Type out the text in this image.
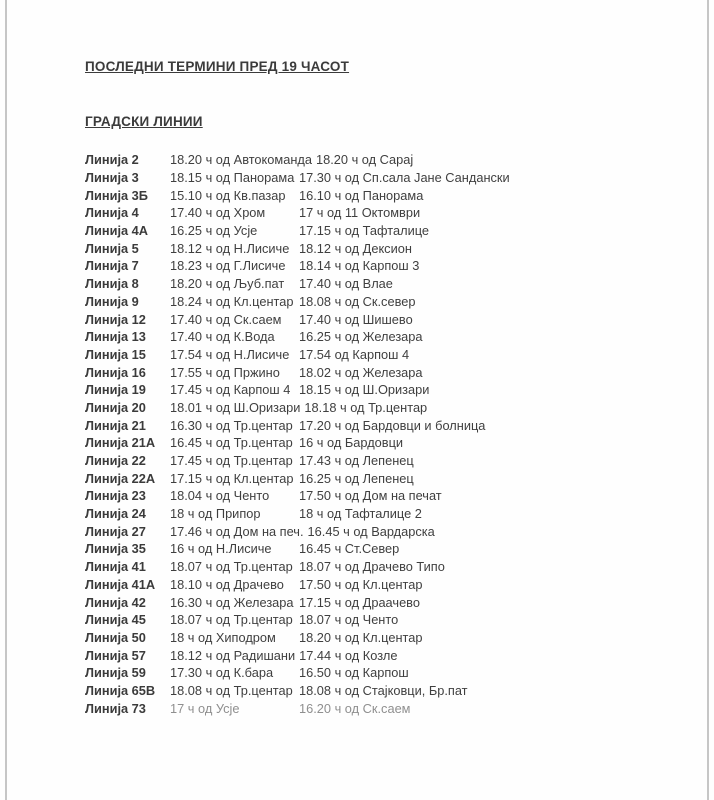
ПОСЛЕДНИ ТЕРМИНИ ПРЕД 19 ЧАСОТ
ГРАДСКИ ЛИНИИ
Линија 2	18.20 ч од Автокоманда 18.20 ч од Сарај
Линија 3	18.15 ч од Панорама 17.30 ч од Сп.сала Јане Сандански
Линија 3Б	15.10 ч од Кв.пазар	16.10 ч од Панорама
Линија 4	17.40 ч од Хром	17 ч од 11 Октомври
Линија 4А	16.25 ч од Усје	17.15 ч од Тафталице
Линија 5	18.12 ч од Н.Лисиче 18.12 ч од Дексион
Линија 7	18.23 ч од Г.Лисиче	18.14 ч од Карпош 3
Линија 8	18.20 ч од Љуб.пат	17.40 ч од Влае
Линија 9	18.24 ч од Кл.центар 18.08 ч од Ск.север
Линија 12	17.40 ч од Ск.саем	17.40 ч од Шишево
Линија 13	17.40 ч од К.Вода	16.25 ч од Железара
Линија 15	17.54 ч од Н.Лисиче 17.54 од Карпош 4
Линија 16	17.55 ч од Пржино	18.02 ч од Железара
Линија 19	17.45 ч од Карпош 4 18.15 ч од Ш.Оризари
Линија 20	18.01 ч од Ш.Оризари 18.18 ч од Тр.центар
Линија 21	16.30 ч од Тр.центар 17.20 ч од Бардовци и болница
Линија 21А	16.45 ч од Тр.центар 16 ч од Бардовци
Линија 22	17.45 ч од Тр.центар 17.43 ч од Лепенец
Линија 22А	17.15 ч од Кл.центар 16.25 ч од Лепенец
Линија 23	18.04 ч од Ченто	17.50 ч од Дом на печат
Линија 24	18 ч од Припор	18 ч од Тафталице 2
Линија 27	17.46 ч од Дом на печ. 16.45 ч од Вардарска
Линија 35	16 ч од Н.Лисиче	16.45 ч Ст.Север
Линија 41	18.07 ч од Тр.центар 18.07 ч од Драчево Типо
Линија 41А	18.10 ч од Драчево	17.50 ч од Кл.центар
Линија 42	16.30 ч од Железара 17.15 ч од Драачево
Линија 45	18.07 ч од Тр.центар 18.07 ч од Ченто
Линија 50	18 ч од Хиподром	18.20 ч од Кл.центар
Линија 57	18.12 ч од Радишани 17.44 ч од Козле
Линија 59	17.30 ч од К.бара	16.50 ч од Карпош
Линија 65В	18.08 ч од Тр.центар 18.08 ч од Стајковци, Бр.пат
Линија 73	17 ч од Усје	16.20 ч од Ск.саем
